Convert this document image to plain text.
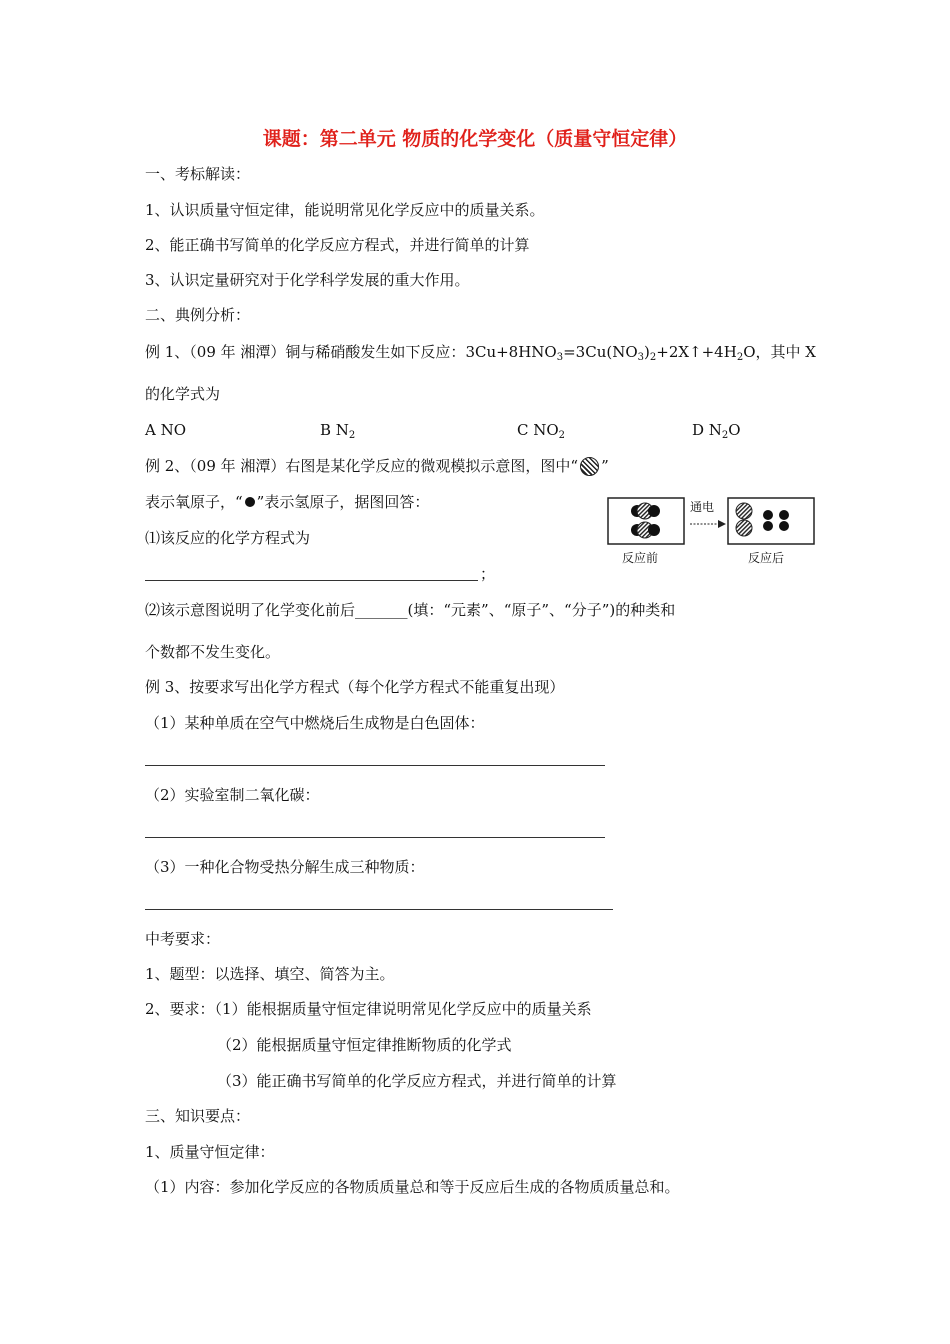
课题：第二单元 物质的化学变化（质量守恒定律）
一、考标解读：
1、认识质量守恒定律，能说明常见化学反应中的质量关系。
2、能正确书写简单的化学反应方程式，并进行简单的计算
3、认识定量研究对于化学科学发展的重大作用。
二、典例分析：
例 1、（09 年 湘潭）铜与稀硝酸发生如下反应：$3Cu+8HNO_3=3Cu(NO_3)_2+2X↑+4H_2O$，其中 X
的化学式为
A NO	B $N_2$	C $NO_2$	D $N_2O$
例 2、（09 年 湘潭）右图是某化学反应的微观模拟示意图，图中“ ”
表示氧原子，“ ”表示氢原子，据图回答：
⑴该反应的化学方程式为
；
通电
反应前	反应后
⑵该示意图说明了化学变化前后_______(填：“元素”、“原子”、“分子”)的种类和
个数都不发生变化。
例 3、按要求写出化学方程式（每个化学方程式不能重复出现）
（1）某种单质在空气中燃烧后生成物是白色固体：
（2）实验室制二氧化碳：
（3）一种化合物受热分解生成三种物质：
中考要求：
1、题型：以选择、填空、简答为主。
2、要求：（1）能根据质量守恒定律说明常见化学反应中的质量关系
（2）能根据质量守恒定律推断物质的化学式
（3）能正确书写简单的化学反应方程式，并进行简单的计算
三、知识要点：
1、质量守恒定律：
（1）内容：参加化学反应的各物质质量总和等于反应后生成的各物质质量总和。
